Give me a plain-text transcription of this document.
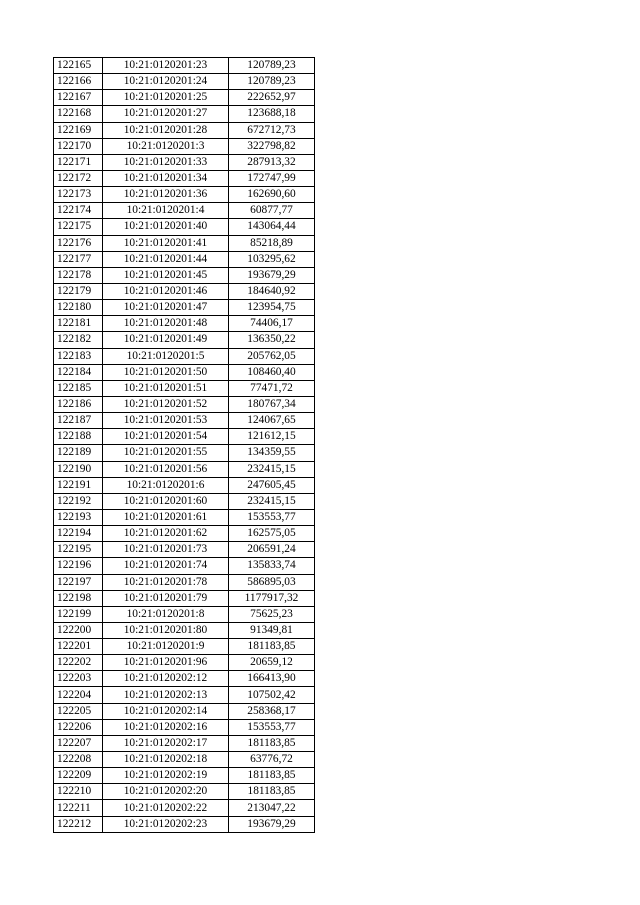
122165	10:21:0120201:23	120789,23
122166	10:21:0120201:24	120789,23
122167	10:21:0120201:25	222652,97
122168	10:21:0120201:27	123688,18
122169	10:21:0120201:28	672712,73
122170	10:21:0120201:3	322798,82
122171	10:21:0120201:33	287913,32
122172	10:21:0120201:34	172747,99
122173	10:21:0120201:36	162690,60
122174	10:21:0120201:4	60877,77
122175	10:21:0120201:40	143064,44
122176	10:21:0120201:41	85218,89
122177	10:21:0120201:44	103295,62
122178	10:21:0120201:45	193679,29
122179	10:21:0120201:46	184640,92
122180	10:21:0120201:47	123954,75
122181	10:21:0120201:48	74406,17
122182	10:21:0120201:49	136350,22
122183	10:21:0120201:5	205762,05
122184	10:21:0120201:50	108460,40
122185	10:21:0120201:51	77471,72
122186	10:21:0120201:52	180767,34
122187	10:21:0120201:53	124067,65
122188	10:21:0120201:54	121612,15
122189	10:21:0120201:55	134359,55
122190	10:21:0120201:56	232415,15
122191	10:21:0120201:6	247605,45
122192	10:21:0120201:60	232415,15
122193	10:21:0120201:61	153553,77
122194	10:21:0120201:62	162575,05
122195	10:21:0120201:73	206591,24
122196	10:21:0120201:74	135833,74
122197	10:21:0120201:78	586895,03
122198	10:21:0120201:79	1177917,32
122199	10:21:0120201:8	75625,23
122200	10:21:0120201:80	91349,81
122201	10:21:0120201:9	181183,85
122202	10:21:0120201:96	20659,12
122203	10:21:0120202:12	166413,90
122204	10:21:0120202:13	107502,42
122205	10:21:0120202:14	258368,17
122206	10:21:0120202:16	153553,77
122207	10:21:0120202:17	181183,85
122208	10:21:0120202:18	63776,72
122209	10:21:0120202:19	181183,85
122210	10:21:0120202:20	181183,85
122211	10:21:0120202:22	213047,22
122212	10:21:0120202:23	193679,29
